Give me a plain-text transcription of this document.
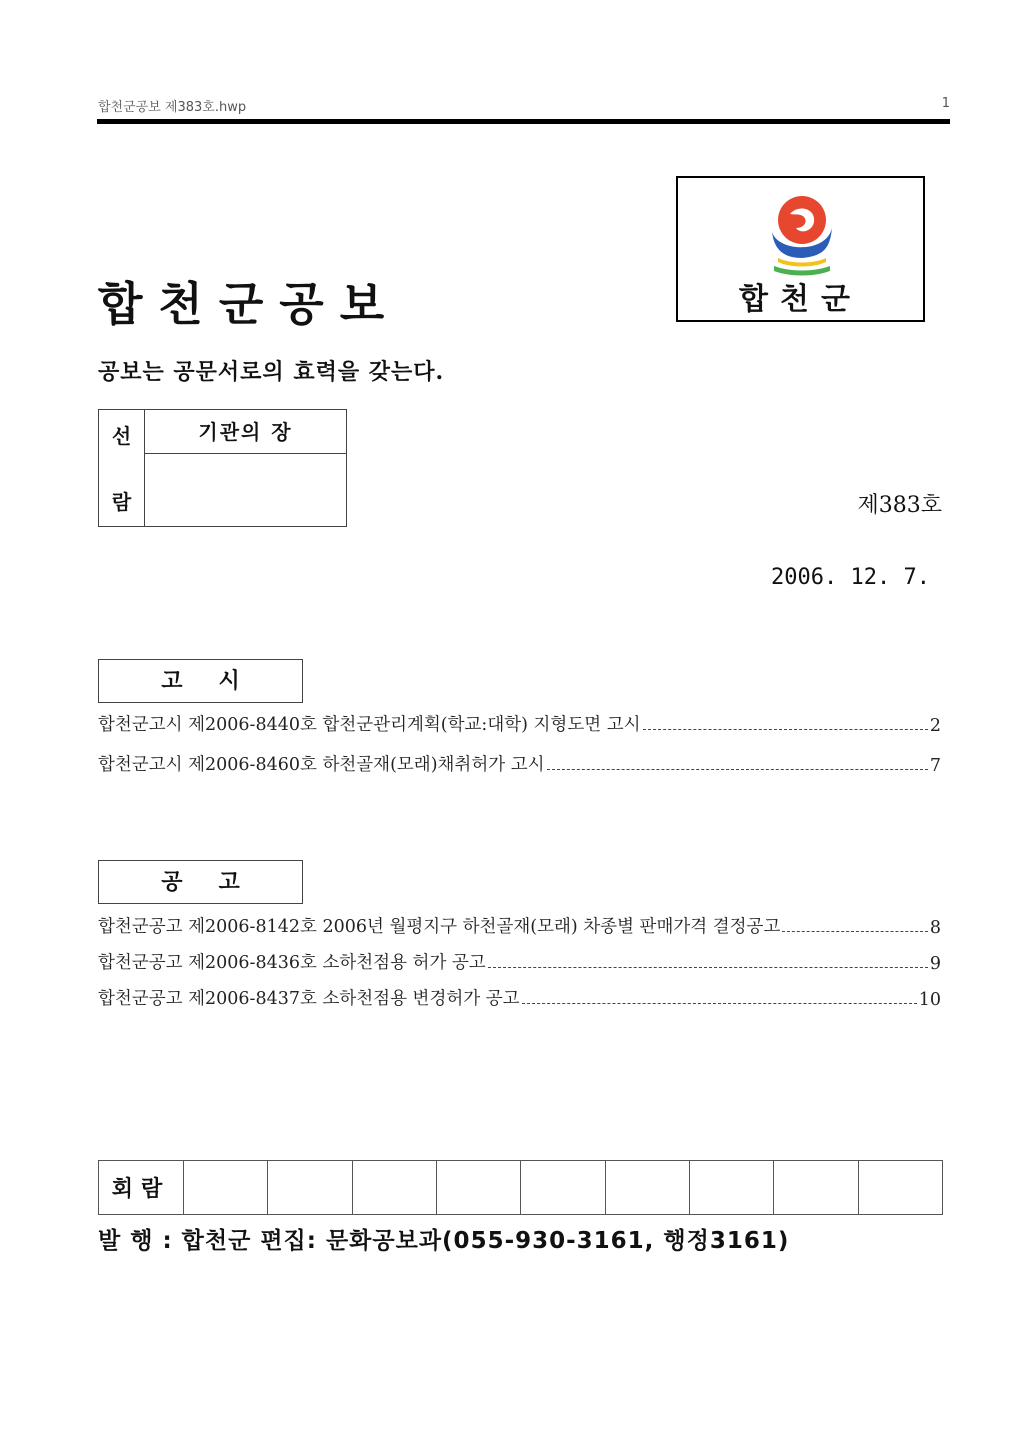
합천군공보 제383호.hwp	1
합천군공보
공보는 공문서로의 효력을 갖는다.
합천군
선
람
기관의 장
제383호
2006. 12. 7.
고시
합천군고시 제2006-8440호 합천군관리계획(학교:대학) 지형도면 고시	2
합천군고시 제2006-8460호 하천골재(모래)채취허가 고시	7
공고
합천군공고 제2006-8142호 2006년 월평지구 하천골재(모래) 차종별 판매가격 결정공고	8
합천군공고 제2006-8436호 소하천점용 허가 공고	9
합천군공고 제2006-8437호 소하천점용 변경허가 공고	10
회람									
발 행 : 합천군 편집: 문화공보과(055-930-3161, 행정3161)
